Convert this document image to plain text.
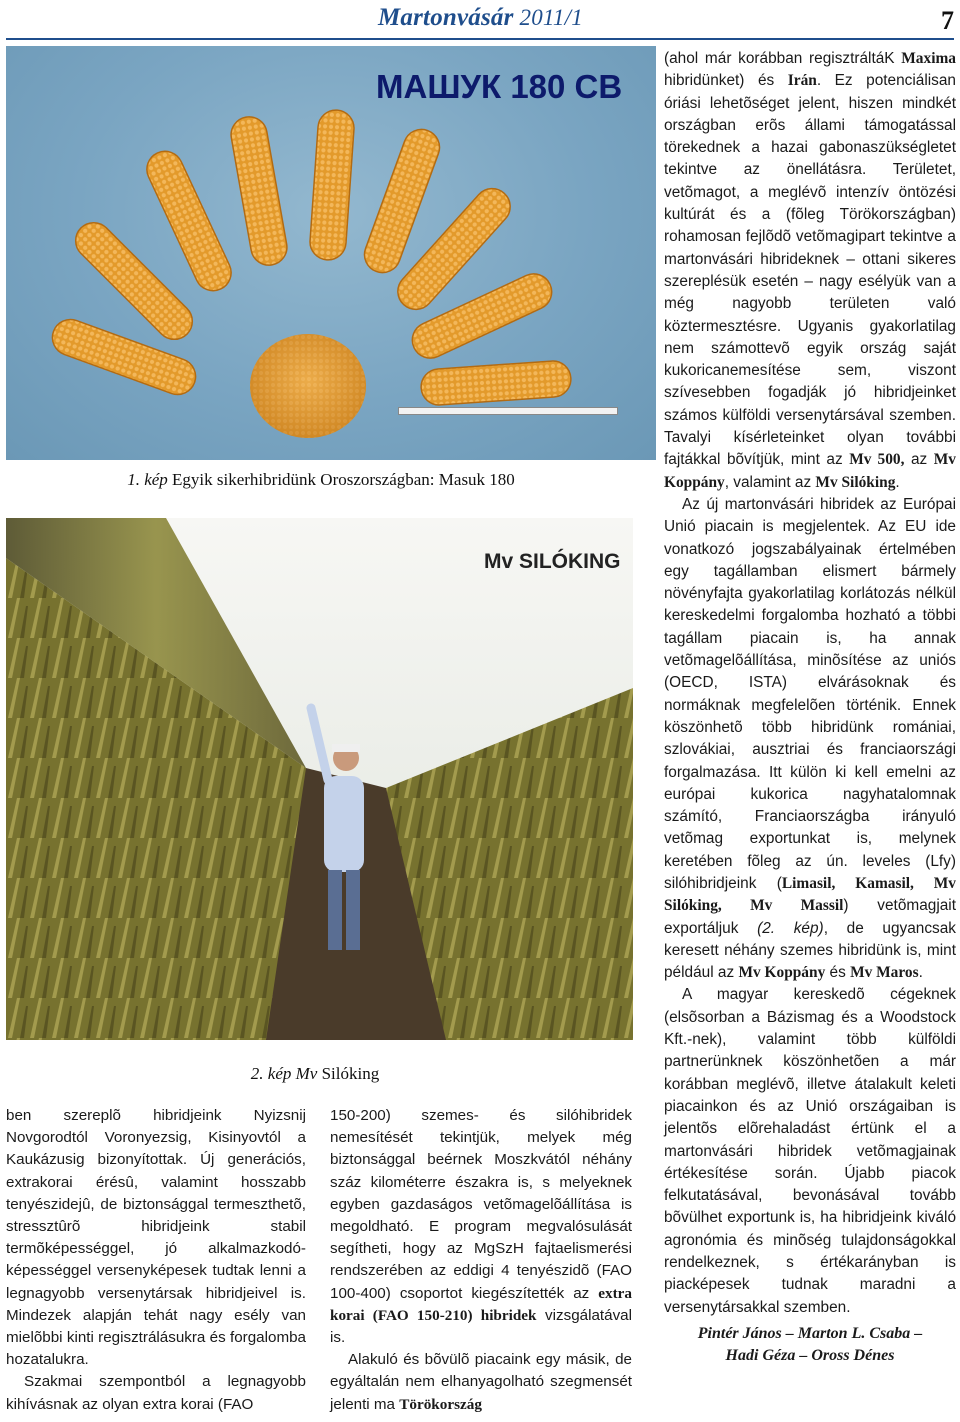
Martonvásár 2011/1	7
МАШУК 180 СВ
1. kép Egyik sikerhibridünk Oroszországban: Masuk 180
Mv SILÓKING
2. kép Mv Silóking

ben szereplõ hibridjeink Nyizsnij Novgorodtól Voronyezsig, Kisinyovtól a Kaukázusig bizonyítottak. Új generációs, extrakorai érésû, valamint hosszabb tenyészidejû, de biztonsággal termeszthetõ, stressztûrõ hibridjeink stabil termõképességgel, jó alkalmazkodó-képességgel versenyképesek tudtak lenni a legnagyobb versenytársak hibridjeivel is. Mindezek alapján tehát nagy esély van mielõbbi kinti regisztrálásukra és forgalomba hozatalukra.

Szakmai szempontból a legnagyobb kihívásnak az olyan extra korai (FAO

150-200) szemes- és silóhibridek nemesítését tekintjük, melyek még biztonsággal beérnek Moszkvától néhány száz kilométerre északra is, s melyeknek egyben gazdaságos vetõmagelõállítása is megoldható. E program megvalósulását segítheti, hogy az MgSzH fajtaelismerési rendszerében az eddigi 4 tenyészidõ (FAO 100-400) csoportot kiegészítették az extra korai (FAO 150-210) hibridek vizsgálatával is.

Alakuló és bõvülõ piacaink egy másik, de egyáltalán nem elhanyagolható szegmensét jelenti ma Törökország

(ahol már korábban regisztráltáK Maxima hibridünket) és Irán. Ez potenciálisan óriási lehetõséget jelent, hiszen mindkét országban erõs állami támogatással törekednek a hazai gabonaszükségletet tekintve az önellátásra. Területet, vetõmagot, a meglévõ intenzív öntözési kultúrát és a (fõleg Törökországban) rohamosan fejlõdõ vetõmagipart tekintve a martonvásári hibrideknek – ottani sikeres szereplésük esetén – nagy esélyük van a még nagyobb területen való köztermesztésre. Ugyanis gyakorlatilag nem számottevõ egyik ország saját kukoricanemesítése sem, viszont szívesebben fogadják jó hibridjeinket számos külföldi versenytársával szemben. Tavalyi kísérleteinket olyan további fajtákkal bõvítjük, mint az Mv 500, az Mv Koppány, valamint az Mv Silóking.

Az új martonvásári hibridek az Európai Unió piacain is megjelentek. Az EU ide vonatkozó jogszabályainak értelmében egy tagállamban elismert bármely növényfajta gyakorlatilag korlátozás nélkül kereskedelmi forgalomba hozható a többi tagállam piacain is, ha annak vetõmagelõállítása, minõsítése az uniós (OECD, ISTA) elvárásoknak és normáknak megfelelõen történik. Ennek köszönhetõ több hibridünk romániai, szlovákiai, ausztriai és franciaországi forgalmazása. Itt külön ki kell emelni az európai kukorica nagyhatalomnak számító, Franciaországba irányuló vetõmag exportunkat is, melynek keretében fõleg az ún. leveles (Lfy) silóhibridjeink (Limasil, Kamasil, Mv Silóking, Mv Massil) vetõmagjait exportáljuk (2. kép), de ugyancsak keresett néhány szemes hibridünk is, mint például az Mv Koppány és Mv Maros.

A magyar kereskedõ cégeknek (elsõsorban a Bázismag és a Woodstock Kft.-nek), valamint több külföldi partnerünknek köszönhetõen a már korábban meglévõ, illetve átalakult keleti piacainkon és az Unió országaiban is jelentõs elõrehaladást értünk el a martonvásári hibridek vetõmagjainak értékesítése során. Újabb piacok felkutatásával, bevonásával tovább bõvülhet exportunk is, ha hibridjeink kiváló agronómia és minõség tulajdonságokkal rendelkeznek, s értékarányban is piacképesek tudnak maradni a versenytársakkal szemben.

Pintér János – Marton L. Csaba –
Hadi Géza – Oross Dénes
